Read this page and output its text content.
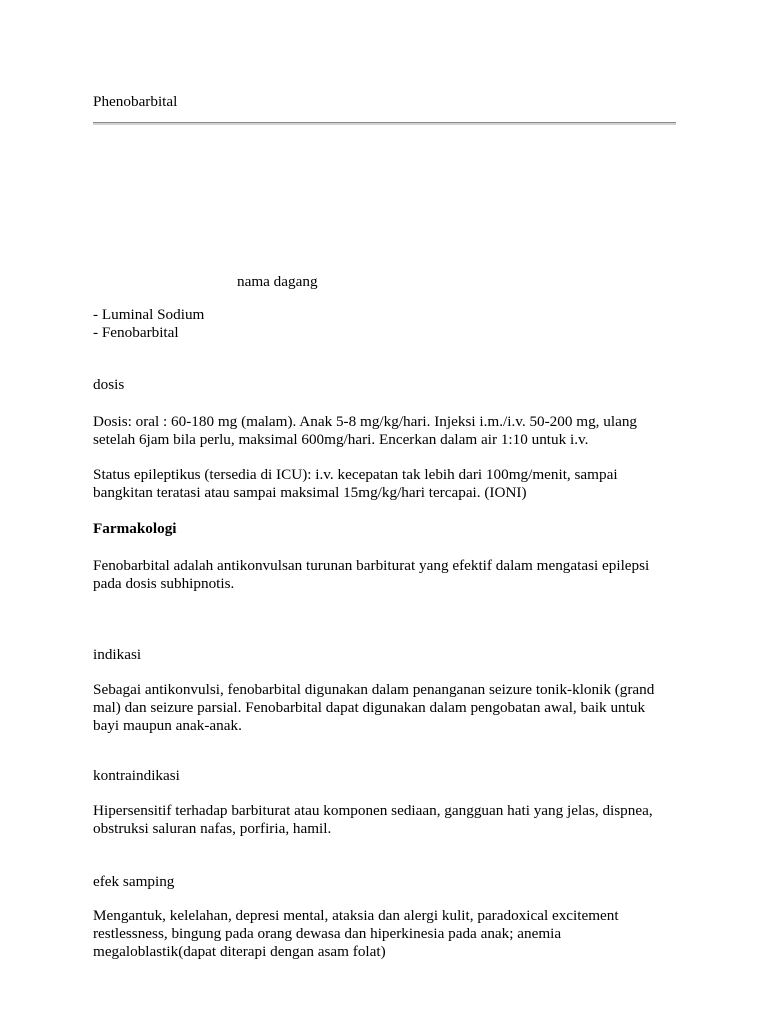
Phenobarbital

nama dagang

- Luminal Sodium

- Fenobarbital

dosis

Dosis: oral : 60-180 mg (malam). Anak 5-8 mg/kg/hari. Injeksi i.m./i.v. 50-200 mg, ulang

setelah 6jam bila perlu, maksimal 600mg/hari. Encerkan dalam air 1:10 untuk i.v.

Status epileptikus (tersedia di ICU): i.v. kecepatan tak lebih dari 100mg/menit, sampai

bangkitan teratasi atau sampai maksimal 15mg/kg/hari tercapai. (IONI)

Farmakologi

Fenobarbital adalah antikonvulsan turunan barbiturat yang efektif dalam mengatasi epilepsi

pada dosis subhipnotis.

indikasi

Sebagai antikonvulsi, fenobarbital digunakan dalam penanganan seizure tonik-klonik (grand

mal) dan seizure parsial. Fenobarbital dapat digunakan dalam pengobatan awal, baik untuk

bayi maupun anak-anak.

kontraindikasi

Hipersensitif terhadap barbiturat atau komponen sediaan, gangguan hati yang jelas, dispnea,

obstruksi saluran nafas, porfiria, hamil.

efek samping

Mengantuk, kelelahan, depresi mental, ataksia dan alergi kulit, paradoxical excitement

restlessness, bingung pada orang dewasa dan hiperkinesia pada anak; anemia

megaloblastik(dapat diterapi dengan asam folat)
